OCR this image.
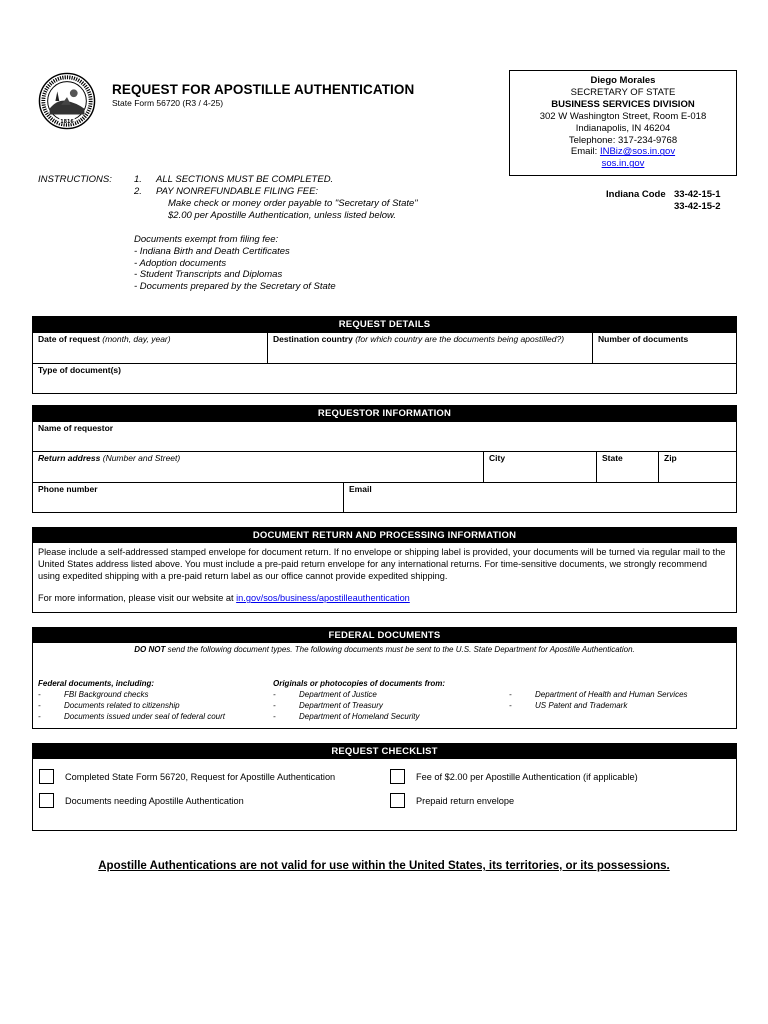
1816
REQUEST FOR APOSTILLE AUTHENTICATION
State Form 56720 (R3 / 4-25)
Diego Morales
SECRETARY OF STATE
BUSINESS SERVICES DIVISION
302 W Washington Street, Room E-018
Indianapolis, IN 46204
Telephone: 317-234-9768
Email: INBiz@sos.in.gov
sos.in.gov
Indiana Code 33-42-15-1
33-42-15-2
INSTRUCTIONS: 1.
2.
ALL SECTIONS MUST BE COMPLETED.
PAY NONREFUNDABLE FILING FEE:
Make check or money order payable to "Secretary of State"
$2.00 per Apostille Authentication, unless listed below.
Documents exempt from filing fee:
- Indiana Birth and Death Certificates
- Adoption documents
- Student Transcripts and Diplomas
- Documents prepared by the Secretary of State
REQUEST DETAILS
Date of request (month, day, year)	Destination country (for which country are the documents being apostilled?)	Number of documents
Type of document(s)
REQUESTOR INFORMATION
Name of requestor
Return address (Number and Street)	City	State	Zip
Phone number	Email
DOCUMENT RETURN AND PROCESSING INFORMATION
Please include a self-addressed stamped envelope for document return. If no envelope or shipping label is provided, your documents will be turned via regular mail to the United States address listed above. You must include a pre-paid return envelope for any international returns. For time-sensitive documents, we strongly recommend using expedited shipping with a pre-paid return label as our office cannot provide expedited shipping.
For more information, please visit our website at in.gov/sos/business/apostilleauthentication
FEDERAL DOCUMENTS
DO NOT send the following document types. The following documents must be sent to the U.S. State Department for Apostille Authentication.
Federal documents, including:
-	FBI Background checks
-	Documents related to citizenship
-	Documents issued under seal of federal court
Originals or photocopies of documents from:
-	Department of Justice
-	Department of Treasury
-	Department of Homeland Security
-	Department of Health and Human Services
-	US Patent and Trademark
REQUEST CHECKLIST
Completed State Form 56720, Request for Apostille Authentication	Fee of $2.00 per Apostille Authentication (if applicable)
Documents needing Apostille Authentication	Prepaid return envelope
Apostille Authentications are not valid for use within the United States, its territories, or its possessions.
